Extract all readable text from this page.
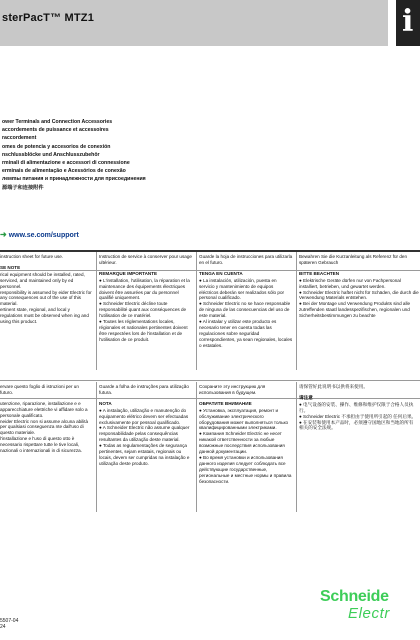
sterPacT™ MTZ1	i
ower Terminals and Connection Accessories
accordements de puissance et accessoires
raccordement
omes de potencia y accesorios de conexión
nschlussblöcke und Anschlusszubehör
rminali di alimentazione e accessori di connessione
erminais de alimentação e Acessórios de conexão
лемmы питания и принадлежности для присоединения
源端子和连接附件
➜ www.se.com/support
instruction sheet for future use.
SE NOTE
rical equipment should be installed, rated, serviced, and maintained only by ed personnel.
responsibility is assumed by eider Electric for any consequences out of the use of this material.
ertinent state, regional, and local y regulations must be observed when ing and using this product.
Instruction de service à conserver pour usage ultérieur.
REMARQUE IMPORTANTE
● L'installation, l'utilisation, la réparation et la maintenance des équipements électriques doivent être assurées par du personnel qualifié uniquement.
● Schneider Electric décline toute responsabilité quant aux conséquences de l'utilisation de ce matériel.
● Toutes les réglementations locales, régionales et nationales pertinentes doivent être respectées lors de l'installation et de l'utilisation de ce produit.
Guarde la hoja de instrucciones para utilizarla en el futuro.
TENGA EN CUENTA
● La instalación, utilización, puesta en servicio y mantenimiento de equipos eléctricos deberán ser realizados sólo por personal cualificado.
● Schneider Electric no se hace responsable de ninguna de las consecuencias del uso de este material.
● Al instalar y utilizar este producto es necesario tener en cuenta todas las regulaciones sobre seguridad correspondientes, ya sean regionales, locales o estatales.
Bewahren Sie die Kurzanleitung als Referenz für den späteren Gebrauch
BITTE BEACHTEN
● Elektrische Geräte dürfen nur von Fachpersonal installiert, betrieben, und gewartet werden.
● Schneider Electric haftet nicht für Schäden, die durch die Verwendung Materials entstehen.
● Bei der Montage und Verwendung Produkts sind alle zutreffenden staatl landesspezifischen, regionalen und Sicherheitsbestimmungen zu beachte
ervare questo foglio di istruzioni per un futuro.
utenzione, riparazione, installazione e e apparecchiature elettriche vi affidare solo a personale qualificato.
neider Electric non si assume alcuna abilità per qualsiasi conseguenza nte dall'uso di questo materiale.
l'installazione e l'uso di questo otto è necessario rispettare tutte le tive locali, nazionali o internazionali in di sicurezza.
Guarde a folha de instruções para utilização futura.
NOTA
● A instalação, utilização e manutenção do equipamento elétrico devem ser efectuadas exclusivamente por pessoal qualificado.
● A Schneider Electric não assume qualquer responsabilidade pelas consequências resultantes da utilização deste material.
● Todas as regulamentações de segurança pertinentes, sejam estatais, regionais ou locais, devem ser cumpridas na instalação e utilização deste produto.
Сохраните эту инструкцию для использования в будущем.
ОБРАТИТЕ ВНИМАНИЕ
● Установка, эксплуатация, ремонт и обслуживание электрического оборудования может выполняться только квалифицированными электриками.
● Компания Schneider Electric не несет никакой ответственности за любые возможные последствия использования данной документации.
● Во время установки и использования данного изделия следует соблюдать все действующие государственные, региональные и местные нормы и правила безопасности.
请保管好此说明书以供将来使用。
请注意
● 电气设备的安装、操作、维修和维护仅限于合格人员执行。
● Schneider Electric 不承担由于使用所引起的 任何后果。
● 在安装和使用本产品时，必须遵守国地区和当地的所有相关的安全法规。
5507-04
24
Schneide
Electr
